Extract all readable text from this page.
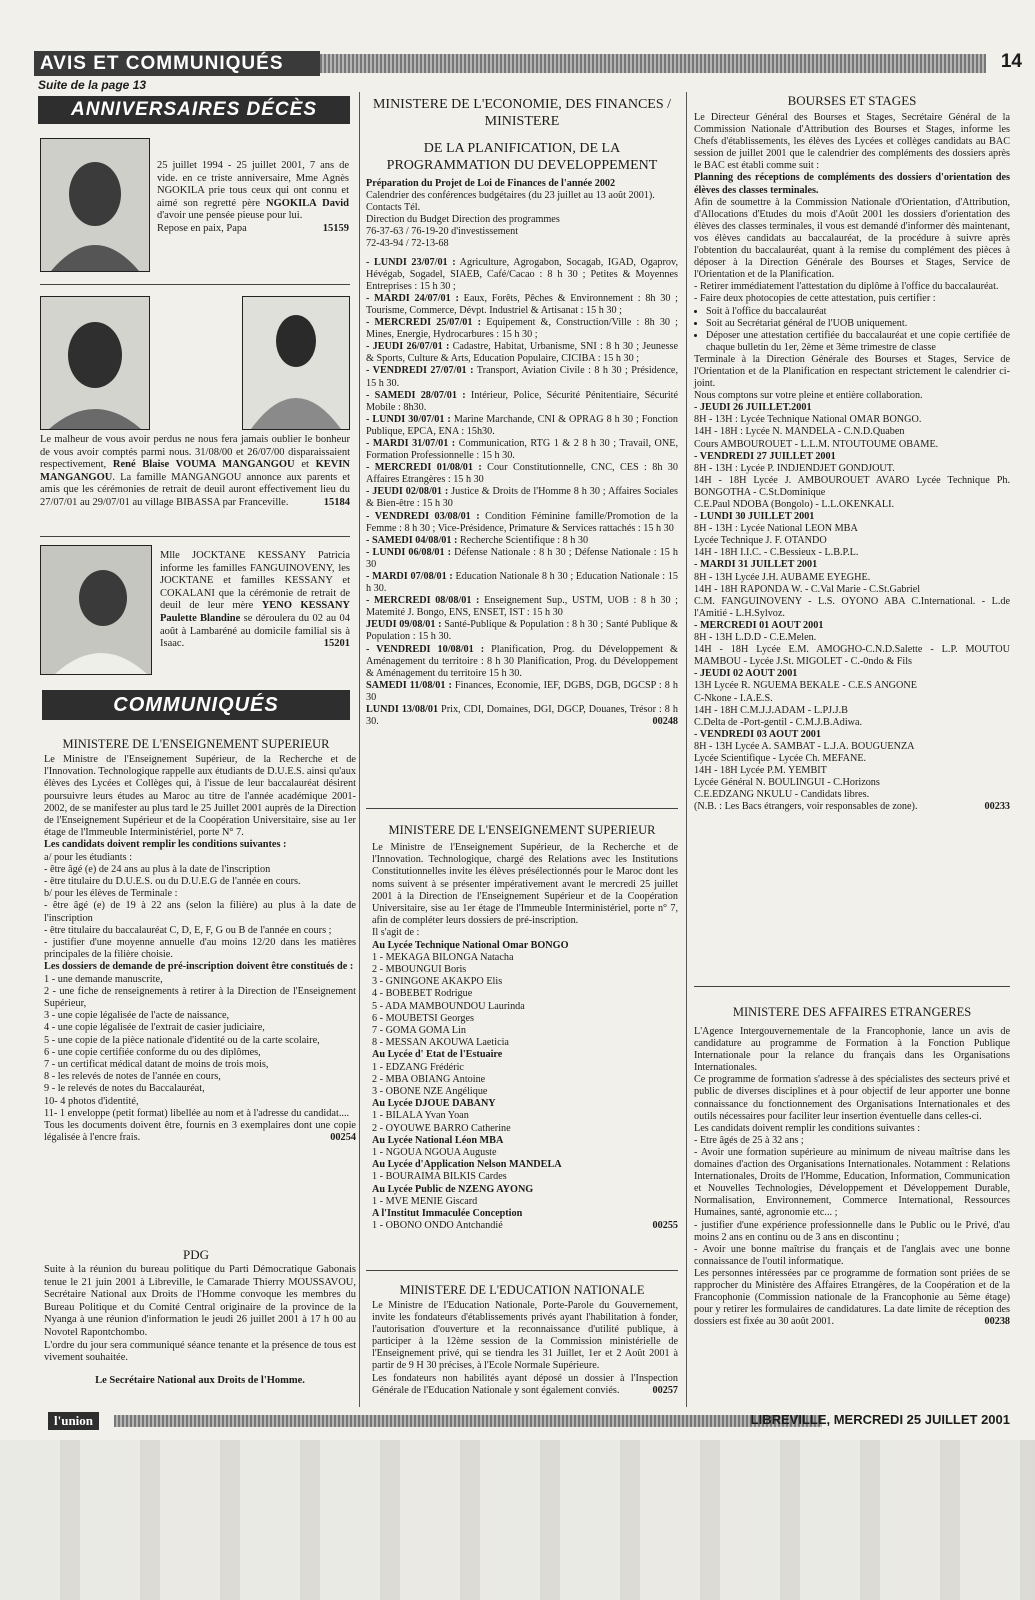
AVIS ET COMMUNIQUÉS	14
Suite de la page 13
ANNIVERSAIRES DÉCÈS

25 juillet 1994 - 25 juillet 2001, 7 ans de vide. en ce triste anniversaire, Mme Agnès NGOKILA prie tous ceux qui ont connu et aimé son regretté père NGOKILA David d'avoir une pensée pieuse pour lui.

Repose en paix, Papa	15159

Le malheur de vous avoir perdus ne nous fera jamais oublier le bonheur de vous avoir comptés parmi nous. 31/08/00 et 26/07/00 disparaissaient respectivement, René Blaise VOUMA MANGANGOU et KEVIN MANGANGOU. La famille MANGANGOU annonce aux parents et amis que les cérémonies de retrait de deuil auront effectivement lieu du 27/07/01 au 29/07/01 au village BIBASSA par Franceville.	15184

Mlle JOCKTANE KESSANY Patricia informe les familles FANGUINOVENY, les JOCKTANE et familles KESSANY et COKALANI que la cérémonie de retrait de deuil de leur mère YENO KESSANY Paulette Blandine se déroulera du 02 au 04 août à Lambaréné au domicile familial sis à Isaac.	15201

COMMUNIQUÉS
MINISTERE DE L'ENSEIGNEMENT SUPERIEUR

Le Ministre de l'Enseignement Supérieur, de la Recherche et de l'Innovation. Technologique rappelle aux étudiants de D.U.E.S. ainsi qu'aux élèves des Lycées et Collèges qui, à l'issue de leur baccalauréat désirent poursuivre leurs études au Maroc au titre de l'année académique 2001-2002, de se manifester au plus tard le 25 Juillet 2001 auprès de la Direction de l'Enseignement Supérieur et de la Coopération Universitaire, sise au 1er étage de l'Immeuble Interministériel, porte N° 7.

Les candidats doivent remplir les conditions suivantes :

a/ pour les étudiants :

- être âgé (e) de 24 ans au plus à la date de l'inscription

- être titulaire du D.U.E.S. ou du D.U.E.G de l'année en cours.

b/ pour les élèves de Terminale :

- être âgé (e) de 19 à 22 ans (selon la filière) au plus à la date de l'inscription

- être titulaire du baccalauréat C, D, E, F, G ou B de l'année en cours ;

- justifier d'une moyenne annuelle d'au moins 12/20 dans les matières principales de la filière choisie.

Les dossiers de demande de pré-inscription doivent être constitués de :

1 - une demande manuscrite,

2 - une fiche de renseignements à retirer à la Direction de l'Enseignement Supérieur,

3 - une copie légalisée de l'acte de naissance,

4 - une copie légalisée de l'extrait de casier judiciaire,

5 - une copie de la pièce nationale d'identité ou de la carte scolaire,

6 - une copie certifiée conforme du ou des diplômes,

7 - un certificat médical datant de moins de trois mois,

8 - les relevés de notes de l'année en cours,

9 - le relevés de notes du Baccalauréat,

10- 4 photos d'identité,

11- 1 enveloppe (petit format) libellée au nom et à l'adresse du candidat....

Tous les documents doivent être, fournis en 3 exemplaires dont une copie légalisée à l'encre frais.	00254

PDG

Suite à la réunion du bureau politique du Parti Démocratique Gabonais tenue le 21 juin 2001 à Libreville, le Camarade Thierry MOUSSAVOU, Secrétaire National aux Droits de l'Homme convoque les membres du Bureau Politique et du Comité Central originaire de la province de la Nyanga à une réunion d'information le jeudi 26 juillet 2001 à 17 h 00 au Novotel Rapontchombo.

L'ordre du jour sera communiqué séance tenante et la présence de tous est vivement souhaitée.

Le Secrétaire National aux Droits de l'Homme.

MINISTERE DE L'ECONOMIE, DES FINANCES / MINISTERE
DE LA PLANIFICATION, DE LA PROGRAMMATION DU DEVELOPPEMENT

Préparation du Projet de Loi de Finances de l'année 2002

Calendrier des conférences budgétaires (du 23 juillet au 13 août 2001).

Contacts Tél.

Direction du Budget Direction des programmes

76-37-63 / 76-19-20 d'investissement

72-43-94 / 72-13-68

- LUNDI 23/07/01 : Agriculture, Agrogabon, Socagab, IGAD, Ogaprov, Hévégab, Sogadel, SIAEB, Café/Cacao : 8 h 30 ; Petites & Moyennes Entreprises : 15 h 30 ;

- MARDI 24/07/01 : Eaux, Forêts, Pêches & Environnement : 8h 30 ; Tourisme, Commerce, Dévpt. Industriel & Artisanat : 15 h 30 ;

- MERCREDI 25/07/01 : Equipement &, Construction/Ville : 8h 30 ; Mines, Energie, Hydrocarbures : 15 h 30 ;

- JEUDI 26/07/01 : Cadastre, Habitat, Urbanisme, SNI : 8 h 30 ; Jeunesse & Sports, Culture & Arts, Education Populaire, CICIBA : 15 h 30 ;

- VENDREDI 27/07/01 : Transport, Aviation Civile : 8 h 30 ; Présidence, 15 h 30.

- SAMEDI 28/07/01 : Intérieur, Police, Sécurité Pénitentiaire, Sécurité Mobile : 8h30.

- LUNDI 30/07/01 : Marine Marchande, CNI & OPRAG 8 h 30 ; Fonction Publique, EPCA, ENA : 15h30.

- MARDI 31/07/01 : Communication, RTG 1 & 2 8 h 30 ; Travail, ONE, Formation Professionnelle : 15 h 30.

- MERCREDI 01/08/01 : Cour Constitutionnelle, CNC, CES : 8h 30 Affaires Etrangères : 15 h 30

- JEUDI 02/08/01 : Justice & Droits de l'Homme 8 h 30 ; Affaires Sociales & Bien-être : 15 h 30

- VENDREDI 03/08/01 : Condition Féminine famille/Promotion de la Femme : 8 h 30 ; Vice-Présidence, Primature & Services rattachés : 15 h 30

- SAMEDI 04/08/01 : Recherche Scientifique : 8 h 30

- LUNDI 06/08/01 : Défense Nationale : 8 h 30 ; Défense Nationale : 15 h 30

- MARDI 07/08/01 : Education Nationale 8 h 30 ; Education Nationale : 15 h 30.

- MERCREDI 08/08/01 : Enseignement Sup., USTM, UOB : 8 h 30 ; Matemité J. Bongo, ENS, ENSET, IST : 15 h 30

JEUDI 09/08/01 : Santé-Publique & Population : 8 h 30 ; Santé Publique & Population : 15 h 30.

- VENDREDI 10/08/01 : Planification, Prog. du Développement & Aménagement du territoire : 8 h 30 Planification, Prog. du Développement & Aménagement du territoire 15 h 30.

SAMEDI 11/08/01 : Finances, Economie, IEF, DGBS, DGB, DGCSP : 8 h 30

LUNDI 13/08/01 Prix, CDI, Domaines, DGI, DGCP, Douanes, Trésor : 8 h 30.	00248

MINISTERE DE L'ENSEIGNEMENT SUPERIEUR

Le Ministre de l'Enseignement Supérieur, de la Recherche et de l'Innovation. Technologique, chargé des Relations avec les Institutions Constitutionnelles invite les élèves présélectionnés pour le Maroc dont les noms suivent à se présenter impérativement avant le mercredi 25 juillet 2001 à la Direction de l'Enseignement Supérieur et de la Coopération Universitaire, sise au 1er étage de l'Immeuble Interministériel, porte n° 7, afin de compléter leurs dossiers de pré-inscription.

Il s'agit de :

Au Lycée Technique National Omar BONGO

1 - MEKAGA BILONGA Natacha

2 - MBOUNGUI Boris

3 - GNINGONE AKAKPO Elis

4 - BOBEBET Rodrigue

5 - ADA MAMBOUNDOU Laurinda

6 - MOUBETSI Georges

7 - GOMA GOMA Lin

8 - MESSAN AKOUWA Laeticia

Au Lycée d' Etat de l'Estuaire

1 - EDZANG Frédéric

2 - MBA OBIANG Antoine

3 - OBONE NZE Angélique

Au Lycée DJOUE DABANY

1 - BILALA Yvan Yoan

2 - OYOUWE BARRO Catherine

Au Lycée National Léon MBA

1 - NGOUA NGOUA Auguste

Au Lycée d'Application Nelson MANDELA

1 - BOURAIMA BILKIS Cardes

Au Lycée Public de NZENG AYONG

1 - MVE MENIE Giscard

A l'Institut Immaculée Conception

1 - OBONO ONDO Antchandié	00255

MINISTERE DE L'EDUCATION NATIONALE

Le Ministre de l'Education Nationale, Porte-Parole du Gouvernement, invite les fondateurs d'établissements privés ayant l'habilitation à fonder, l'autorisation d'ouverture et la reconnaissance d'utilité publique, à participer à la 12ème session de la Commission ministérielle de l'Enseignement privé, qui se tiendra les 31 Juillet, 1er et 2 Août 2001 à partir de 9 H 30 précises, à l'Ecole Normale Supérieure.

Les fondateurs non habilités ayant déposé un dossier à l'Inspection Générale de l'Education Nationale y sont également conviés.	00257

BOURSES ET STAGES

Le Directeur Général des Bourses et Stages, Secrétaire Général de la Commission Nationale d'Attribution des Bourses et Stages, informe les Chefs d'établissements, les élèves des Lycées et collèges candidats au BAC session de juillet 2001 que le calendrier des compléments des dossiers après le BAC est établi comme suit :

Planning des réceptions de compléments des dossiers d'orientation des élèves des classes terminales.

Afin de soumettre à la Commission Nationale d'Orientation, d'Attribution, d'Allocations d'Etudes du mois d'Août 2001 les dossiers d'orientation des élèves des classes terminales, il vous est demandé d'informer dès maintenant, vos élèves candidats au baccalauréat, de la procédure à suivre après l'obtention du baccalauréat, quant à la remise du complément des pièces à déposer à la Direction Générale des Bourses et Stages, Service de l'Orientation et de la Planification.

- Retirer immédiatement l'attestation du diplôme à l'office du baccalauréat.

- Faire deux photocopies de cette attestation, puis certifier :

• Soit à l'office du baccalauréat
• Soit au Secrétariat général de l'UOB uniquement.
• Déposer une attestation certifiée du baccalauréat et une copie certifiée de chaque bulletin du 1er, 2ème et 3ème trimestre de classe

Terminale à la Direction Générale des Bourses et Stages, Service de l'Orientation et de la Planification en respectant strictement le calendrier ci-joint.

Nous comptons sur votre pleine et entière collaboration.

- JEUDI 26 JUILLET.2001

8H - 13H : Lycée Technique National OMAR BONGO.

14H - 18H : Lycée N. MANDELA - C.N.D.Quaben

Cours AMBOUROUET - L.L.M. NTOUTOUME OBAME.

- VENDREDI 27 JUILLET 2001

8H - 13H : Lycée P. INDJENDJET GONDJOUT.

14H - 18H Lycée J. AMBOUROUET AVARO Lycée Technique Ph. BONGOTHA - C.St.Dominique

C.E.Paul NDOBA (Bongolo) - L.L.OKENKALI.

- LUNDI 30 JUILLET 2001

8H - 13H : Lycée National LEON MBA

Lycée Technique J. F. OTANDO

14H - 18H I.I.C. - C.Bessieux - L.B.P.L.

- MARDI 31 JUILLET 2001

8H - 13H Lycée J.H. AUBAME EYEGHE.

14H - 18H RAPONDA W. - C.Val Marie - C.St.Gabriel

C.M. FANGUINOVENY - L.S. OYONO ABA C.International. - L.de l'Amitié - L.H.Sylvoz.

- MERCREDI 01 AOUT 2001

8H - 13H L.D.D - C.E.Melen.

14H - 18H Lycée E.M. AMOGHO-C.N.D.Salette - L.P. MOUTOU MAMBOU - Lycée J.St. MIGOLET - C.-0ndo & Fils

- JEUDI 02 AOUT 2001

13H Lycée R. NGUEMA BEKALE - C.E.S ANGONE

C-Nkone - I.A.E.S.

14H - 18H C.M.J.J.ADAM - L.PJ.J.B

C.Delta de -Port-gentil - C.M.J.B.Adiwa.

- VENDREDI 03 AOUT 2001

8H - 13H Lycée A. SAMBAT - L.J.A. BOUGUENZA

Lycée Scientifique - Lycée Ch. MEFANE.

14H - 18H Lycée P.M. YEMBIT

Lycée Général N. BOULINGUI - C.Horizons

C.E.EDZANG NKULU - Candidats libres.

(N.B. : Les Bacs étrangers, voir responsables de zone).	00233

MINISTERE DES AFFAIRES ETRANGERES

L'Agence Intergouvernementale de la Francophonie, lance un avis de candidature au programme de Formation à la Fonction Publique Internationale pour la relance du français dans les Organisations Internationales.

Ce programme de formation s'adresse à des spécialistes des secteurs privé et public de diverses disciplines et à pour objectif de leur apporter une bonne connaissance du fonctionnement des Organisations Internationales et des outils nécessaires pour faciliter leur insertion éventuelle dans celles-ci.

Les candidats doivent remplir les conditions suivantes :

- Etre âgés de 25 à 32 ans ;

- Avoir une formation supérieure au minimum de niveau maîtrise dans les domaines d'action des Organisations Internationales. Notamment : Relations Internationales, Droits de l'Homme, Education, Information, Communication et Nouvelles Technologies, Développement et Développement Durable, Normalisation, Environnement, Commerce International, Ressources Humaines, santé, agronomie etc... ;

- justifier d'une expérience professionnelle dans le Public ou le Privé, d'au moins 2 ans en continu ou de 3 ans en discontinu ;

- Avoir une bonne maîtrise du français et de l'anglais avec une bonne connaissance de l'outil informatique.

Les personnes intéressées par ce programme de formation sont priées de se rapprocher du Ministère des Affaires Etrangères, de la Coopération et de la Francophonie (Commission nationale de la Francophonie au 5ème étage) pour y retirer les formulaires de candidatures. La date limite de réception des dossiers est fixée au 30 août 2001.	00238

l'union	LIBREVILLE, MERCREDI 25 JUILLET 2001
